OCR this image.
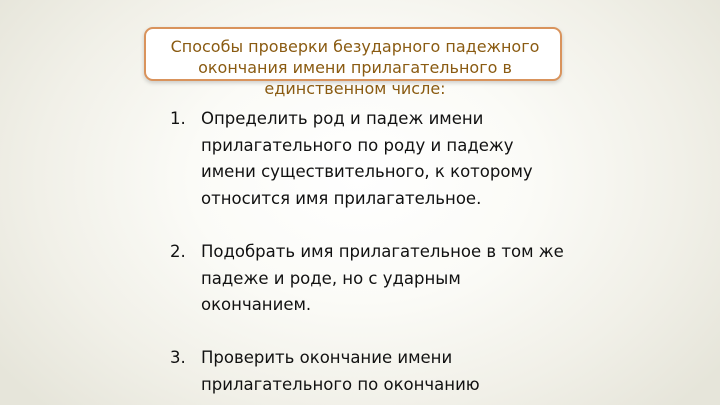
Способы проверки безударного падежного окончания имени прилагательного в единственном числе:
1. Определить род и падеж имени прилагательного по роду и падежу имени существительного, к которому относится имя прилагательное.
2. Подобрать имя прилагательное в том же падеже и роде, но с ударным окончанием.
3. Проверить окончание имени прилагательного по окончанию
